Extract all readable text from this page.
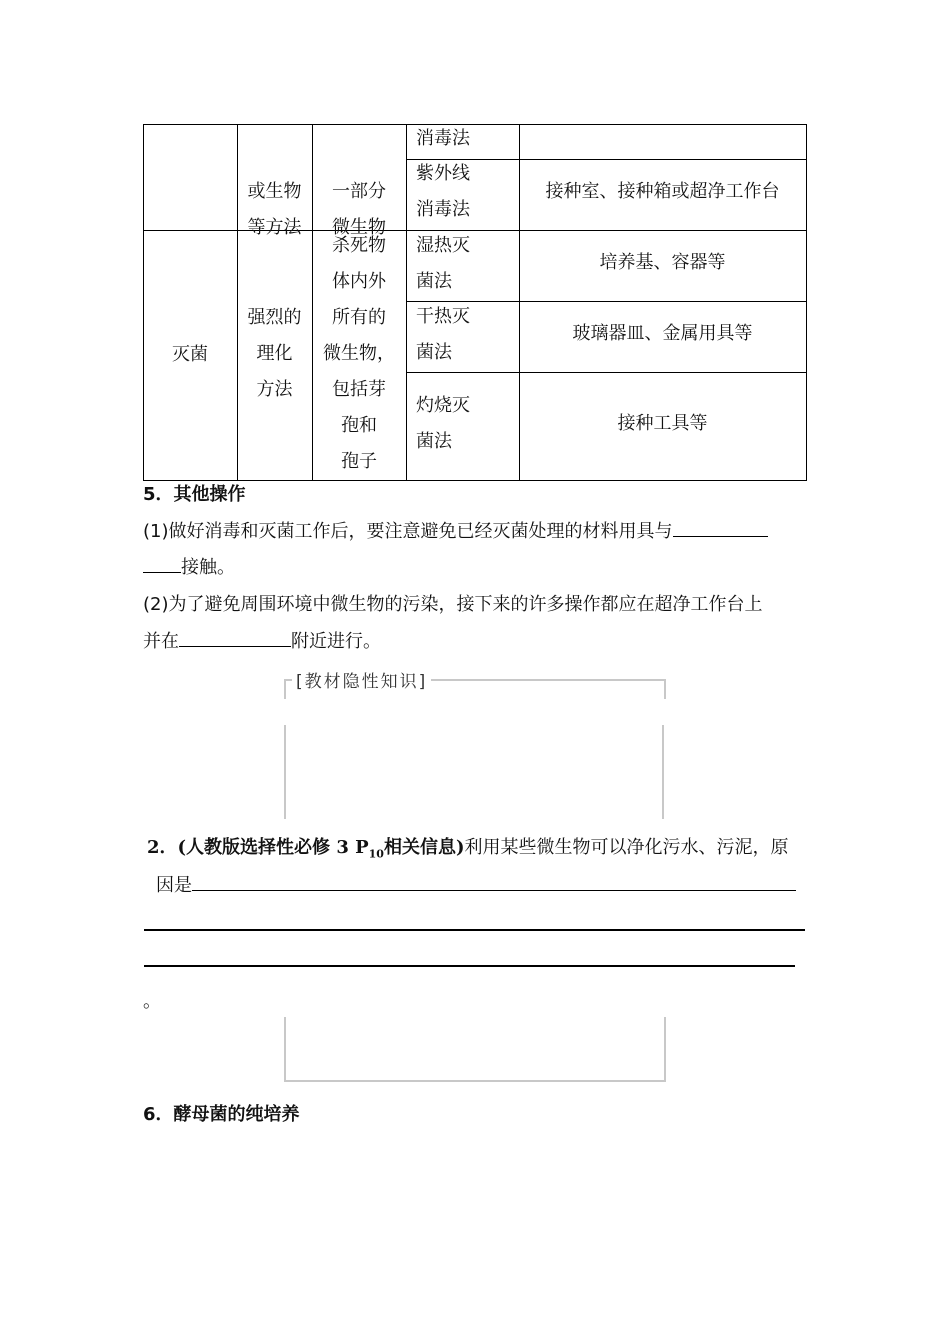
或生物
等方法
一部分
微生物
消毒法
紫外线
消毒法
接种室、接种箱或超净工作台
灭菌
强烈的
理化
方法
杀死物
体内外
所有的
微生物，
包括芽
孢和
孢子
湿热灭
菌法
培养基、容器等
干热灭
菌法
玻璃器皿、金属用具等
灼烧灭
菌法
接种工具等
5．其他操作
(1)做好消毒和灭菌工作后，要注意避免已经灭菌处理的材料用具与
接触。
(2)为了避免周围环境中微生物的污染，接下来的许多操作都应在超净工作台上
并在	附近进行。
[教材隐性知识]
2．(人教版选择性必修 3 $P_{10}$相关信息)利用某些微生物可以净化污水、污泥，原
因是
。
6．酵母菌的纯培养
